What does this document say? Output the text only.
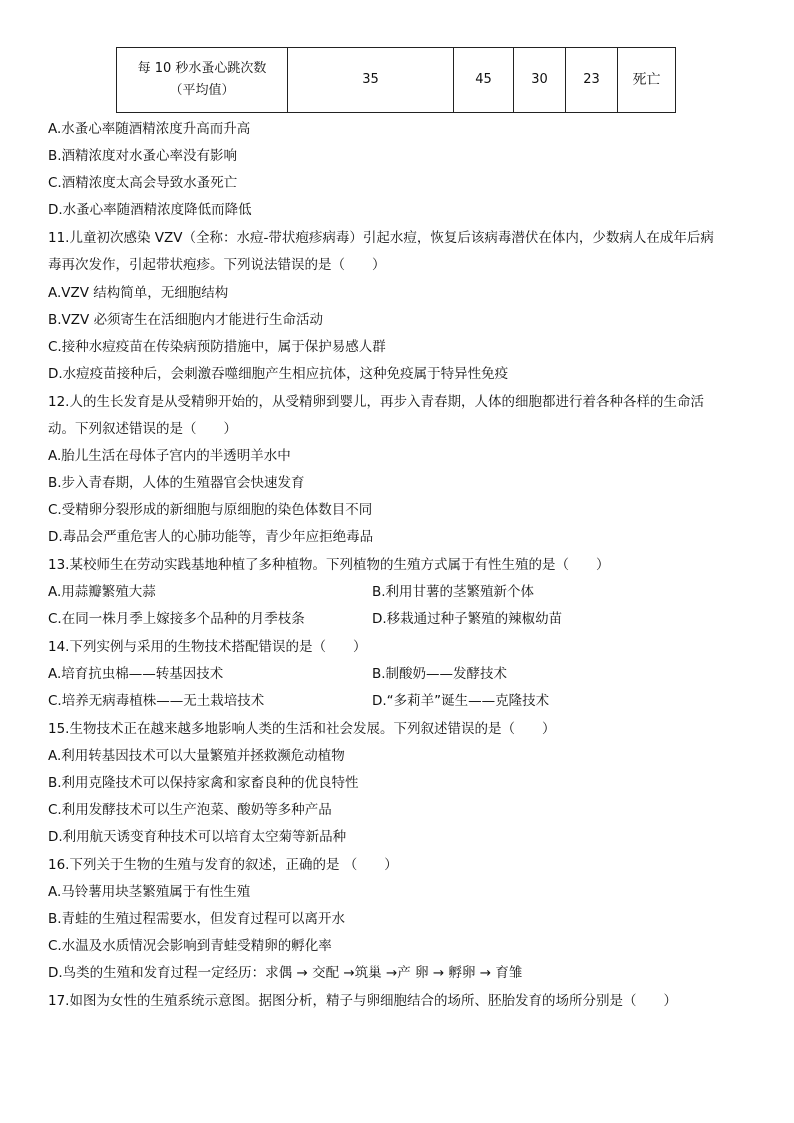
每 10 秒水蚤心跳次数
（平均值）
	35	45	30	23	死亡
A.水蚤心率随酒精浓度升高而升高
B.酒精浓度对水蚤心率没有影响
C.酒精浓度太高会导致水蚤死亡
D.水蚤心率随酒精浓度降低而降低
11.儿童初次感染 VZV（全称：水痘-带状疱疹病毒）引起水痘，恢复后该病毒潜伏在体内，少数病人在成年后病
毒再次发作，引起带状疱疹。下列说法错误的是（　　）
A.VZV 结构简单，无细胞结构
B.VZV 必须寄生在活细胞内才能进行生命活动
C.接种水痘疫苗在传染病预防措施中，属于保护易感人群
D.水痘疫苗接种后，会刺激吞噬细胞产生相应抗体，这种免疫属于特异性免疫
12.人的生长发育是从受精卵开始的，从受精卵到婴儿，再步入青春期，人体的细胞都进行着各种各样的生命活
动。下列叙述错误的是（　　）
A.胎儿生活在母体子宫内的半透明羊水中
B.步入青春期，人体的生殖器官会快速发育
C.受精卵分裂形成的新细胞与原细胞的染色体数目不同
D.毒品会严重危害人的心肺功能等，青少年应拒绝毒品
13.某校师生在劳动实践基地种植了多种植物。下列植物的生殖方式属于有性生殖的是（　　）
A.用蒜瓣繁殖大蒜	B.利用甘薯的茎繁殖新个体
C.在同一株月季上嫁接多个品种的月季枝条	D.移栽通过种子繁殖的辣椒幼苗
14.下列实例与采用的生物技术搭配错误的是（　　）
A.培育抗虫棉——转基因技术	B.制酸奶——发酵技术
C.培养无病毒植株——无土栽培技术	D.“多莉羊”诞生——克隆技术
15.生物技术正在越来越多地影响人类的生活和社会发展。下列叙述错误的是（　　）
A.利用转基因技术可以大量繁殖并拯救濒危动植物
B.利用克隆技术可以保持家禽和家畜良种的优良特性
C.利用发酵技术可以生产泡菜、酸奶等多种产品
D.利用航天诱变育种技术可以培育太空菊等新品种
16.下列关于生物的生殖与发育的叙述，正确的是 （　　）
A.马铃薯用块茎繁殖属于有性生殖
B.青蛙的生殖过程需要水，但发育过程可以离开水
C.水温及水质情况会影响到青蛙受精卵的孵化率
D.鸟类的生殖和发育过程一定经历：求偶 → 交配 →筑巢 →产 卵 → 孵卵 → 育雏
17.如图为女性的生殖系统示意图。据图分析，精子与卵细胞结合的场所、胚胎发育的场所分别是（　　）
